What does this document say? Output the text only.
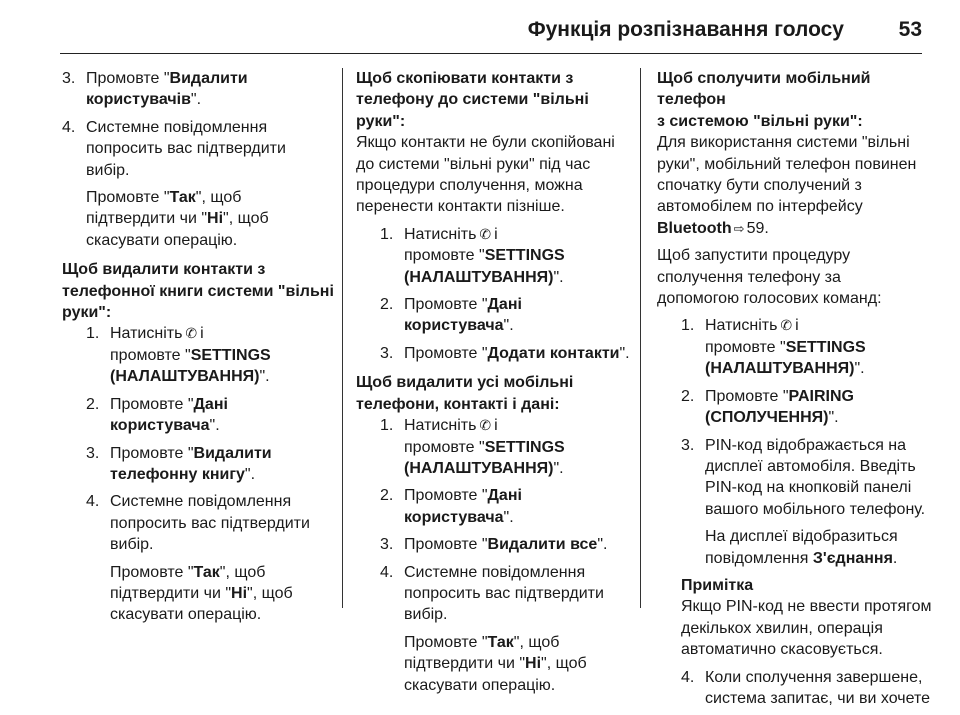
Функція розпізнавання голосу	53
3. Промовте "Видалити
користувачів".
4. Системне повідомлення
попросить вас підтвердити
вибір.
Промовте "Так", щоб
підтвердити чи "Ні", щоб
скасувати операцію.
Щоб видалити контакти з
телефонної книги системи "вільні
руки":
1. Натисніть ✆ і
промовте "SETTINGS
(НАЛАШТУВАННЯ)".
2. Промовте "Дані користувача".
3. Промовте "Видалити
телефонну книгу".
4. Системне повідомлення
попросить вас підтвердити
вибір.
Промовте "Так", щоб
підтвердити чи "Ні", щоб
скасувати операцію.
Щоб скопіювати контакти з
телефону до системи "вільні руки":
Якщо контакти не були скопійовані
до системи "вільні руки" під час
процедури сполучення, можна
перенести контакти пізніше.
1. Натисніть ✆ і
промовте "SETTINGS
(НАЛАШТУВАННЯ)".
2. Промовте "Дані користувача".
3. Промовте "Додати контакти".
Щоб видалити усі мобільні
телефони, контакті і дані:
1. Натисніть ✆ і
промовте "SETTINGS
(НАЛАШТУВАННЯ)".
2. Промовте "Дані користувача".
3. Промовте "Видалити все".
4. Системне повідомлення
попросить вас підтвердити
вибір.
Промовте "Так", щоб
підтвердити чи "Ні", щоб
скасувати операцію.
Щоб сполучити мобільний телефон
з системою "вільні руки":
Для використання системи "вільні
руки", мобільний телефон повинен
спочатку бути сполучений з
автомобілем по інтерфейсу
Bluetooth ⇨ 59.
Щоб запустити процедуру
сполучення телефону за
допомогою голосових команд:
1. Натисніть ✆ і
промовте "SETTINGS
(НАЛАШТУВАННЯ)".
2. Промовте "PAIRING
(СПОЛУЧЕННЯ)".
3. PIN-код відображається на
дисплеї автомобіля. Введіть
PIN-код на кнопковій панелі
вашого мобільного телефону.
На дисплеї відобразиться
повідомлення З'єднання.
Примітка
Якщо PIN-код не ввести протягом
декількох хвилин, операція
автоматично скасовується.
4. Коли сполучення завершене,
система запитає, чи ви хочете
